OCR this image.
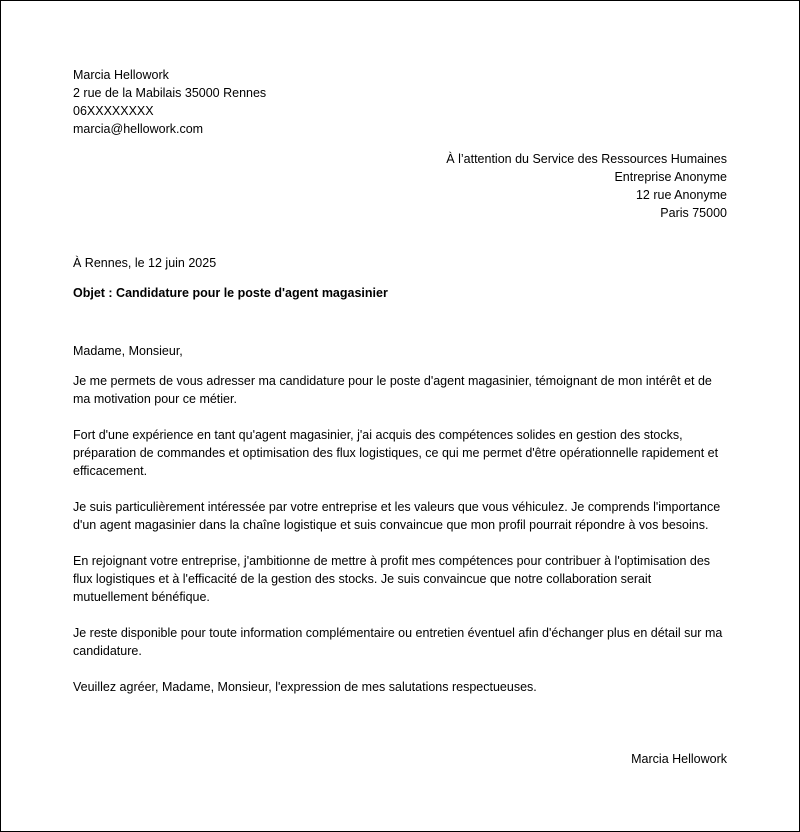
Marcia Hellowork
2 rue de la Mabilais 35000 Rennes
06XXXXXXXX
marcia@hellowork.com
À l’attention du Service des Ressources Humaines
Entreprise Anonyme
12 rue Anonyme
Paris 75000
À Rennes, le 12 juin 2025
Objet : Candidature pour le poste d'agent magasinier

Madame, Monsieur,

Je me permets de vous adresser ma candidature pour le poste d'agent magasinier, témoignant de mon intérêt et de ma motivation pour ce métier.

Fort d'une expérience en tant qu'agent magasinier, j'ai acquis des compétences solides en gestion des stocks, préparation de commandes et optimisation des flux logistiques, ce qui me permet d'être opérationnelle rapidement et efficacement.

Je suis particulièrement intéressée par votre entreprise et les valeurs que vous véhiculez. Je comprends l'importance d'un agent magasinier dans la chaîne logistique et suis convaincue que mon profil pourrait répondre à vos besoins.

En rejoignant votre entreprise, j'ambitionne de mettre à profit mes compétences pour contribuer à l'optimisation des flux logistiques et à l'efficacité de la gestion des stocks. Je suis convaincue que notre collaboration serait mutuellement bénéfique.

Je reste disponible pour toute information complémentaire ou entretien éventuel afin d'échanger plus en détail sur ma candidature.

Veuillez agréer, Madame, Monsieur, l'expression de mes salutations respectueuses.

Marcia Hellowork
